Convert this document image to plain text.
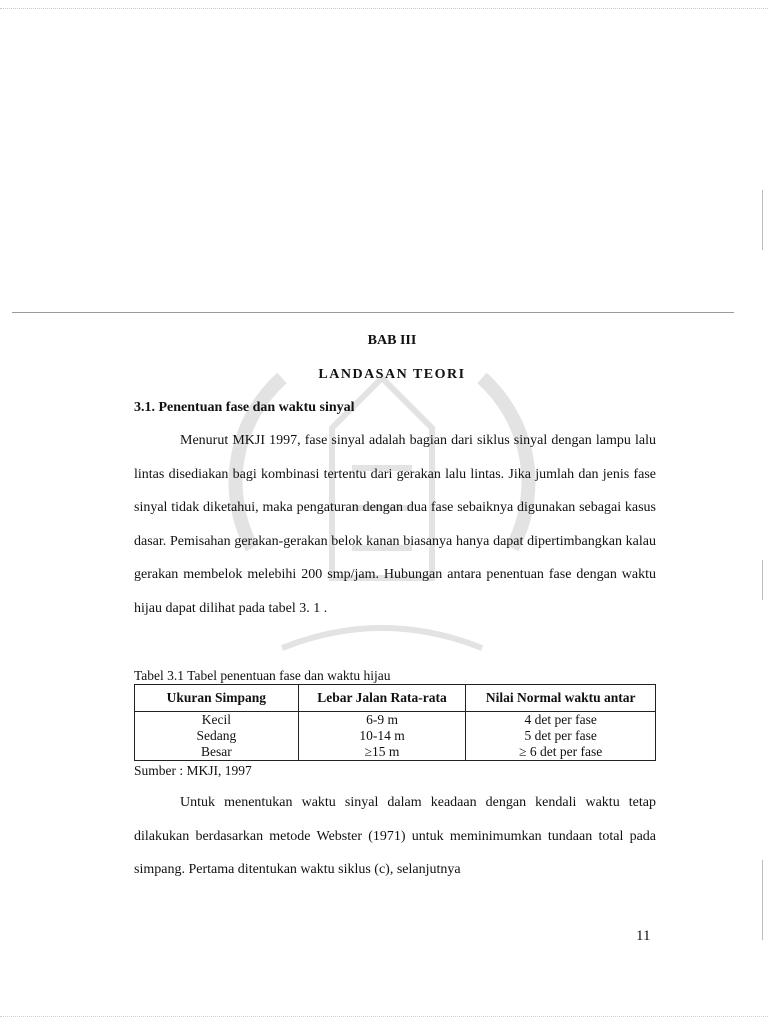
BAB III
LANDASAN TEORI
3.1. Penentuan fase dan waktu sinyal

Menurut MKJI 1997, fase sinyal adalah bagian dari siklus sinyal dengan lampu lalu lintas disediakan bagi kombinasi tertentu dari gerakan lalu lintas. Jika jumlah dan jenis fase sinyal tidak diketahui, maka pengaturan dengan dua fase sebaiknya digunakan sebagai kasus dasar. Pemisahan gerakan-gerakan belok kanan biasanya hanya dapat dipertimbangkan kalau gerakan membelok melebihi 200 smp/jam. Hubungan antara penentuan fase dengan waktu hijau dapat dilihat pada tabel 3. 1 .

Tabel 3.1 Tabel penentuan fase dan waktu hijau
Ukuran Simpang	Lebar Jalan Rata-rata	Nilai Normal waktu antar
Kecil	6-9 m	4 det per fase
Sedang	10-14 m	5 det per fase
Besar	≥15 m	≥ 6 det per fase
Sumber : MKJI, 1997

Untuk menentukan waktu sinyal dalam keadaan dengan kendali waktu tetap dilakukan berdasarkan metode Webster (1971) untuk meminimumkan tundaan total pada simpang. Pertama ditentukan waktu siklus (c), selanjutnya

11
